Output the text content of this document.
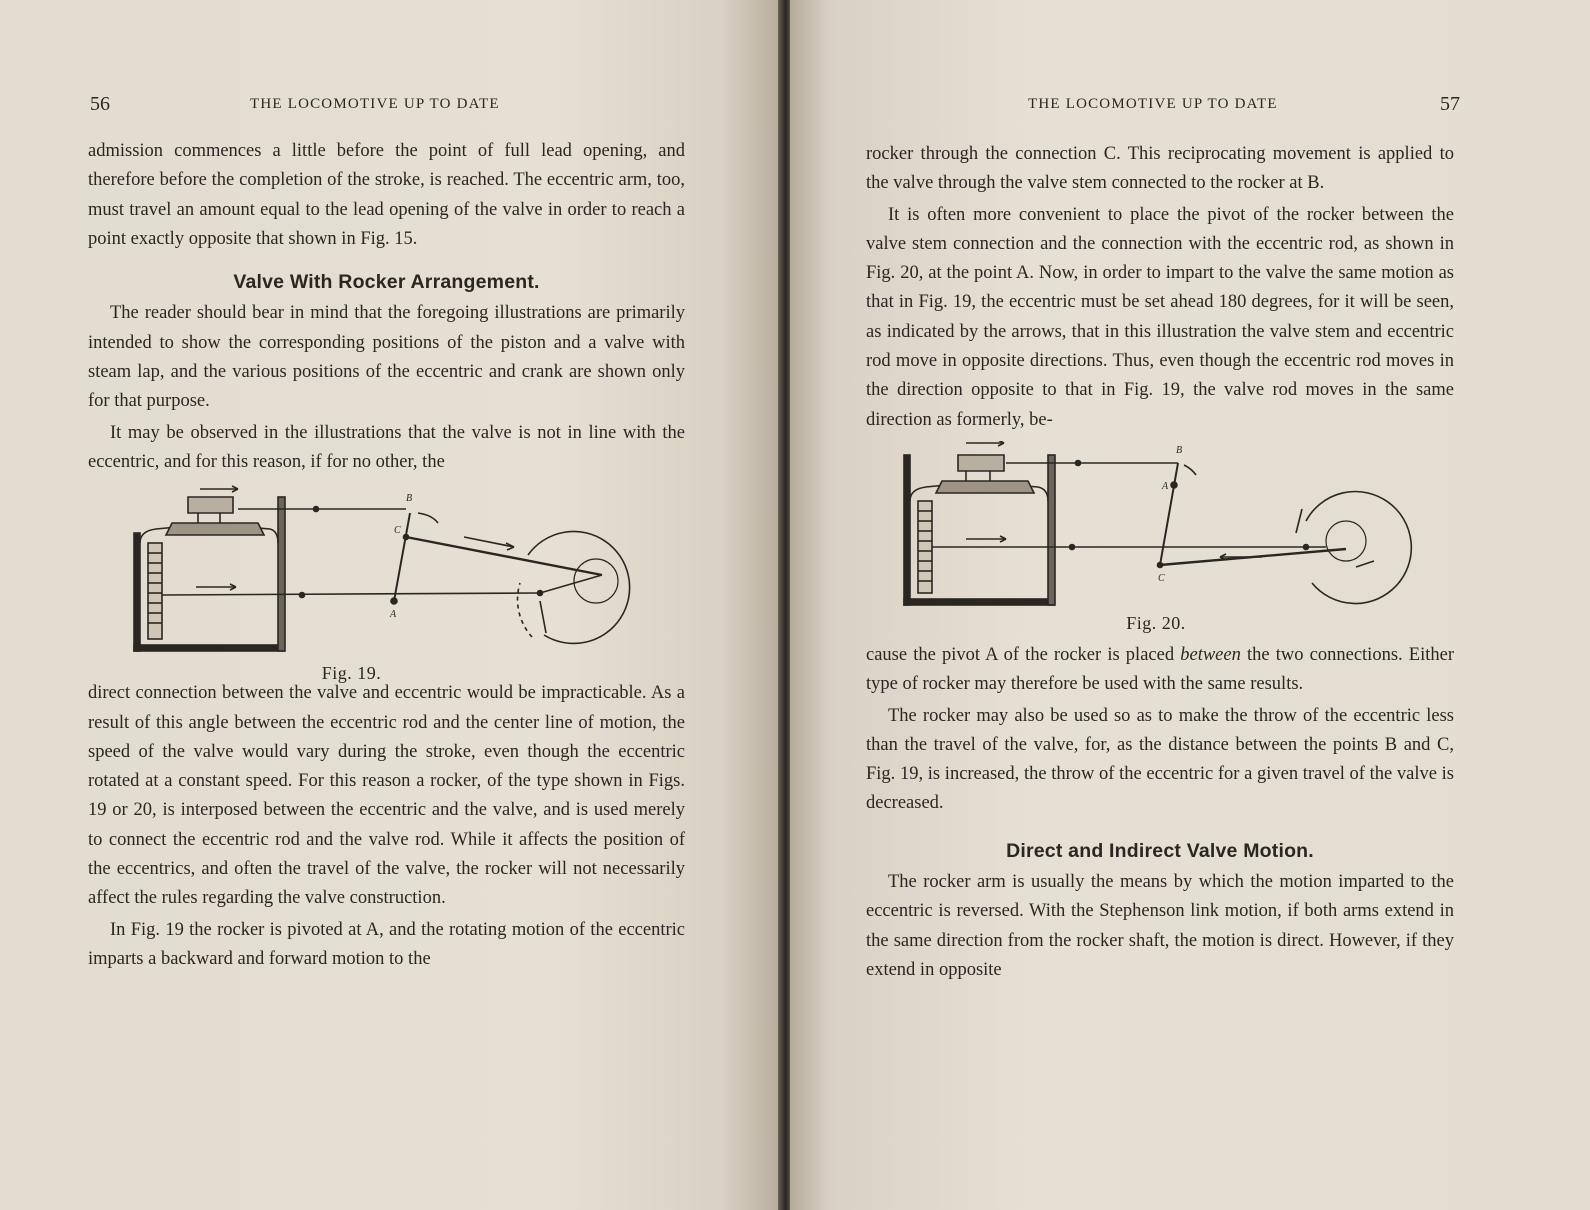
56	THE LOCOMOTIVE UP TO DATE

admission commences a little before the point of full lead opening, and therefore before the completion of the stroke, is reached. The eccentric arm, too, must travel an amount equal to the lead opening of the valve in order to reach a point exactly opposite that shown in Fig. 15.

Valve With Rocker Arrangement.

The reader should bear in mind that the foregoing illustrations are primarily intended to show the corresponding positions of the piston and a valve with steam lap, and the various positions of the eccentric and crank are shown only for that purpose.

It may be observed in the illustrations that the valve is not in line with the eccentric, and for this reason, if for no other, the

B
C
A
Fig. 19.

direct connection between the valve and eccentric would be impracticable. As a result of this angle between the eccentric rod and the center line of motion, the speed of the valve would vary during the stroke, even though the eccentric rotated at a constant speed. For this reason a rocker, of the type shown in Figs. 19 or 20, is interposed between the eccentric and the valve, and is used merely to connect the eccentric rod and the valve rod. While it affects the position of the eccentrics, and often the travel of the valve, the rocker will not necessarily affect the rules regarding the valve construction.

In Fig. 19 the rocker is pivoted at A, and the rotating motion of the eccentric imparts a backward and forward motion to the

THE LOCOMOTIVE UP TO DATE	57

rocker through the connection C. This reciprocating movement is applied to the valve through the valve stem connected to the rocker at B.

It is often more convenient to place the pivot of the rocker between the valve stem connection and the connection with the eccentric rod, as shown in Fig. 20, at the point A. Now, in order to impart to the valve the same motion as that in Fig. 19, the eccentric must be set ahead 180 degrees, for it will be seen, as indicated by the arrows, that in this illustration the valve stem and eccentric rod move in opposite directions. Thus, even though the eccentric rod moves in the direction opposite to that in Fig. 19, the valve rod moves in the same direction as formerly, be-

B
A
C
Fig. 20.

cause the pivot A of the rocker is placed between the two connections. Either type of rocker may therefore be used with the same results.

The rocker may also be used so as to make the throw of the eccentric less than the travel of the valve, for, as the distance between the points B and C, Fig. 19, is increased, the throw of the eccentric for a given travel of the valve is decreased.

Direct and Indirect Valve Motion.

The rocker arm is usually the means by which the motion imparted to the eccentric is reversed. With the Stephenson link motion, if both arms extend in the same direction from the rocker shaft, the motion is direct. However, if they extend in opposite
